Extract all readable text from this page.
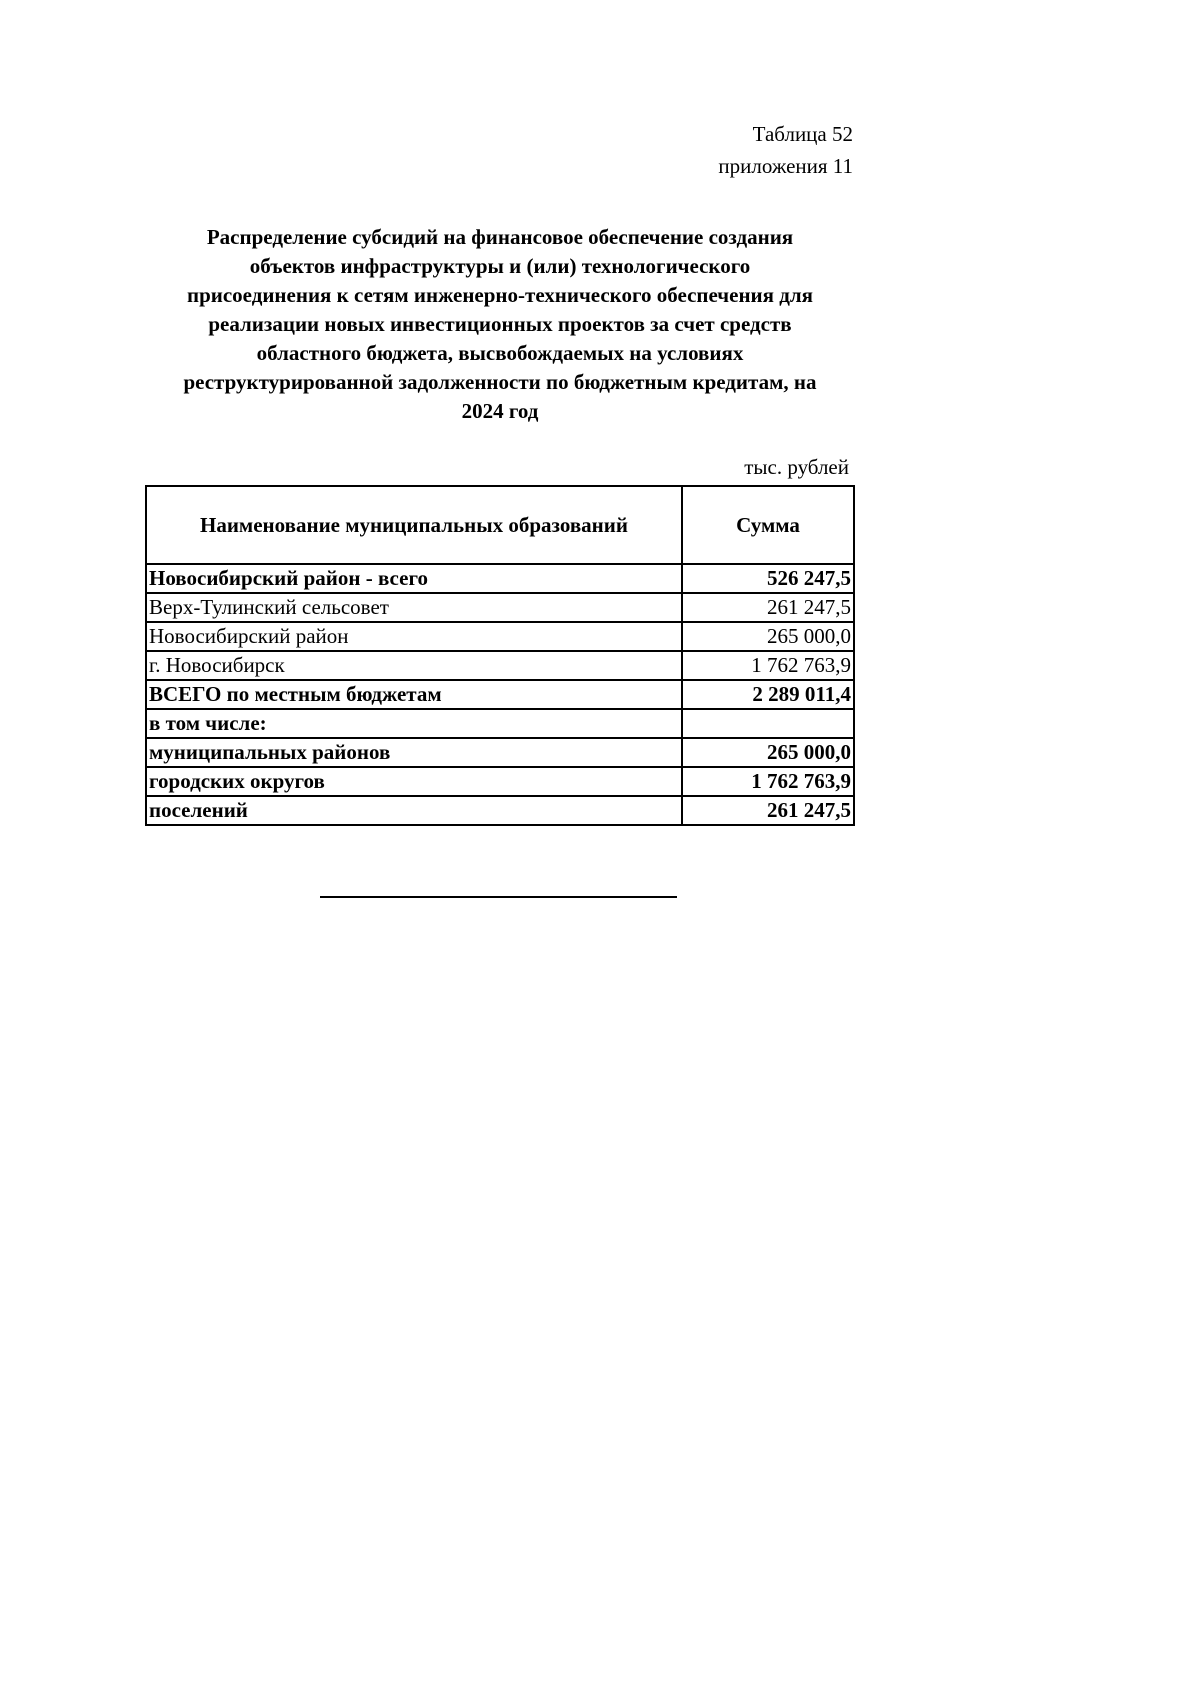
Таблица 52
приложения 11
Распределение субсидий на финансовое обеспечение создания
объектов инфраструктуры и (или) технологического
присоединения к сетям инженерно-технического обеспечения для
реализации новых инвестиционных проектов за счет средств
областного бюджета, высвобождаемых на условиях
реструктурированной задолженности по бюджетным кредитам, на
2024 год
тыс. рублей
Наименование муниципальных образований	Сумма
Новосибирский район - всего	526 247,5
Верх-Тулинский сельсовет	261 247,5
Новосибирский район	265 000,0
г. Новосибирск	1 762 763,9
ВСЕГО по местным бюджетам	2 289 011,4
в том числе:	
муниципальных районов	265 000,0
городских округов	1 762 763,9
поселений	261 247,5
